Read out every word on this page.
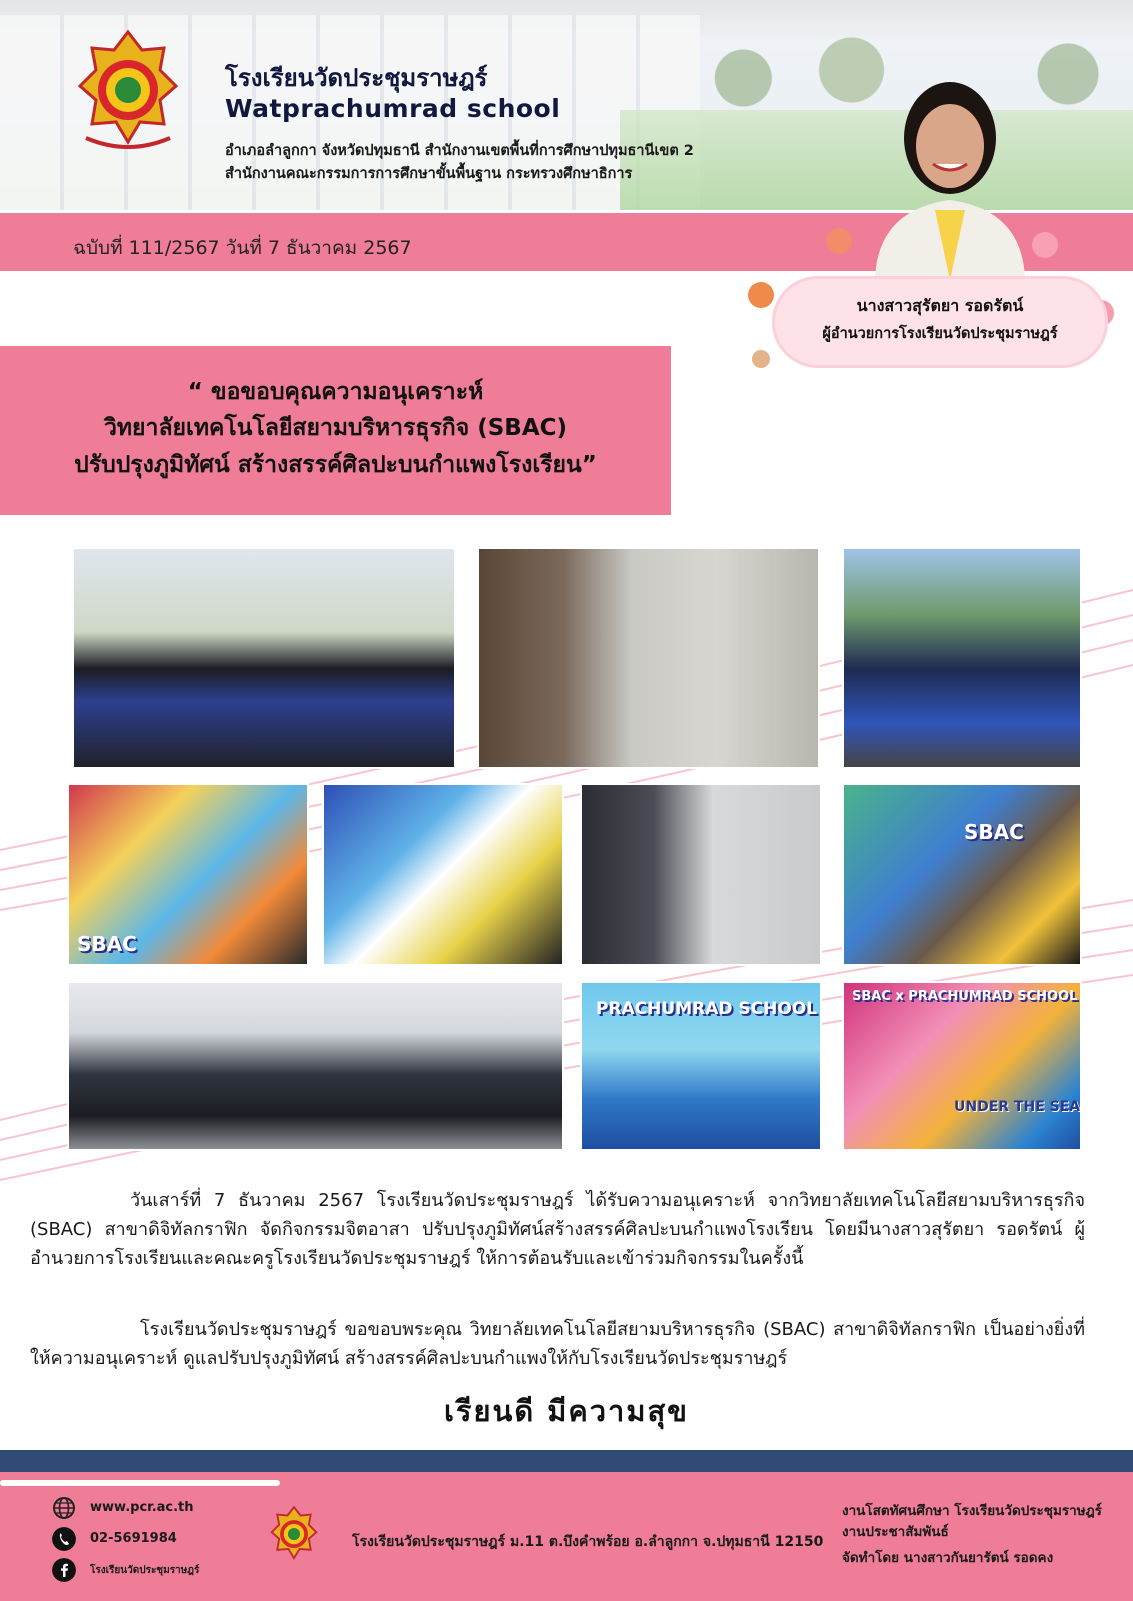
โรงเรียนวัดประชุมราษฎร์
Watprachumrad school
อำเภอลำลูกกา จังหวัดปทุมธานี สำนักงานเขตพื้นที่การศึกษาปทุมธานีเขต 2
สำนักงานคณะกรรมการการศึกษาขั้นพื้นฐาน กระทรวงศึกษาธิการ
ฉบับที่ 111/2567 วันที่ 7 ธันวาคม 2567
นางสาวสุรัตยา รอดรัตน์
ผู้อำนวยการโรงเรียนวัดประชุมราษฎร์
“ ขอขอบคุณความอนุเคราะห์
วิทยาลัยเทคโนโลยีสยามบริหารธุรกิจ (SBAC)
ปรับปรุงภูมิทัศน์ สร้างสรรค์ศิลปะบนกำแพงโรงเรียน”
SBAC
SBAC
PRACHUMRAD SCHOOL
SBAC x PRACHUMRAD SCHOOL
UNDER THE SEA
วันเสาร์ที่ 7 ธันวาคม 2567 โรงเรียนวัดประชุมราษฎร์ ได้รับความอนุเคราะห์ จากวิทยาลัยเทคโนโลยีสยามบริหารธุรกิจ (SBAC) สาขาดิจิทัลกราฟิก จัดกิจกรรมจิตอาสา ปรับปรุงภูมิทัศน์สร้างสรรค์ศิลปะบนกำแพงโรงเรียน โดยมีนางสาวสุรัตยา รอดรัตน์ ผู้อำนวยการโรงเรียนและคณะครูโรงเรียนวัดประชุมราษฎร์ ให้การต้อนรับและเข้าร่วมกิจกรรมในครั้งนี้
โรงเรียนวัดประชุมราษฎร์ ขอขอบพระคุณ วิทยาลัยเทคโนโลยีสยามบริหารธุรกิจ (SBAC) สาขาดิจิทัลกราฟิก เป็นอย่างยิ่งที่ให้ความอนุเคราะห์ ดูแลปรับปรุงภูมิทัศน์ สร้างสรรค์ศิลปะบนกำแพงให้กับโรงเรียนวัดประชุมราษฎร์
เรียนดี มีความสุข
www.pcr.ac.th
02-5691984
โรงเรียนวัดประชุมราษฎร์
โรงเรียนวัดประชุมราษฎร์ ม.11 ต.บึงคำพร้อย อ.ลำลูกกา จ.ปทุมธานี 12150
งานโสตทัศนศึกษา โรงเรียนวัดประชุมราษฎร์
งานประชาสัมพันธ์
จัดทำโดย นางสาวกันยารัตน์ รอดคง
